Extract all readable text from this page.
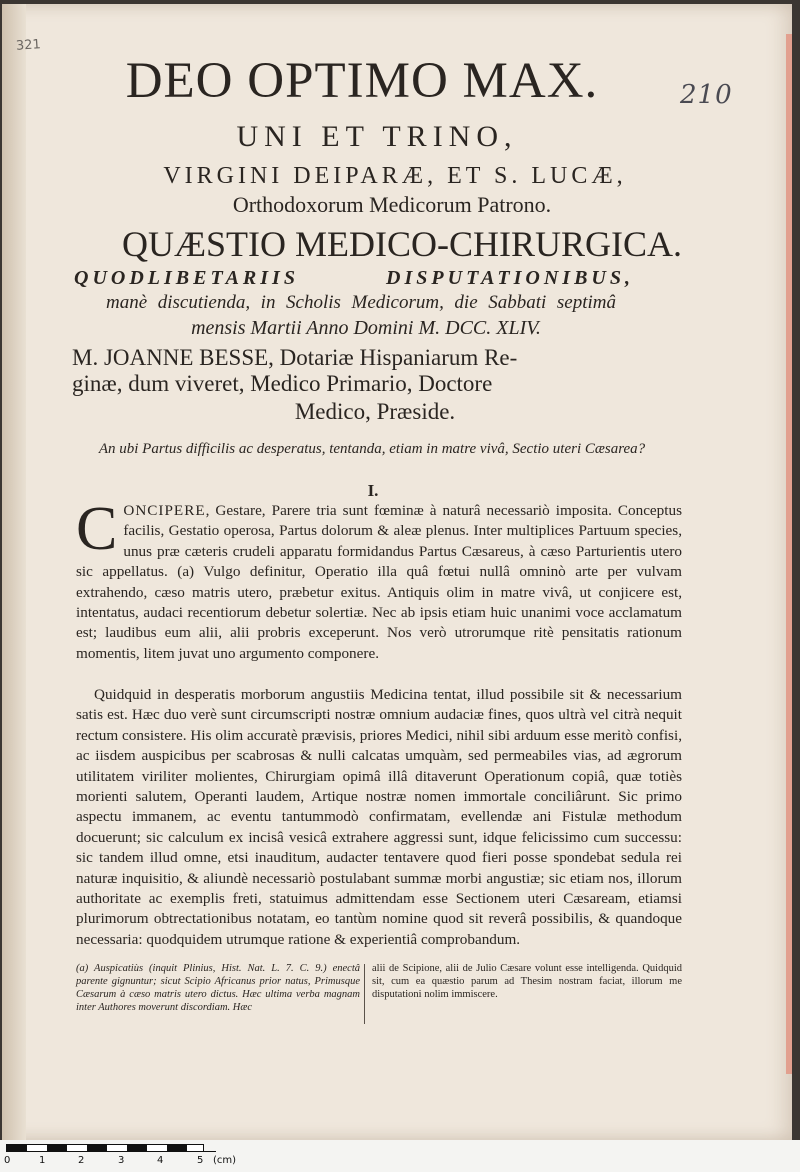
321
210
DEO OPTIMO MAX.
UNI ET TRINO,
VIRGINI DEIPARÆ, ET S. LUCÆ,
Orthodoxorum Medicorum Patrono.
QUÆSTIO MEDICO-CHIRURGICA.
QUODLIBETARIIS DISPUTATIONIBUS,
manè discutienda, in Scholis Medicorum, die Sabbati septimâ
mensis Martii Anno Domini M. DCC. XLIV.
M. JOANNE BESSE, Dotariæ Hispaniarum Re-
ginæ, dum viveret, Medico Primario, Doctore
Medico, Præside.
An ubi Partus difficilis ac desperatus, tentanda, etiam in matre vivâ, Sectio uteri Cæsarea?
I.
CONCIPERE, Gestare, Parere tria sunt fœminæ à naturâ necessariò imposita. Conceptus facilis, Gestatio operosa, Partus dolorum & aleæ plenus. Inter multiplices Partuum species, unus præ cæteris crudeli apparatu formidandus Partus Cæsareus, à cæso Parturientis utero sic appellatus. (a) Vulgo definitur, Operatio illa quâ fœtui nullâ omninò arte per vulvam extrahendo, cæso matris utero, præbetur exitus. Antiquis olim in matre vivâ, ut conjicere est, intentatus, audaci recentiorum debetur solertiæ. Nec ab ipsis etiam huic unanimi voce acclamatum est; laudibus eum alii, alii probris exceperunt. Nos verò utrorumque ritè pensitatis rationum momentis, litem juvat uno argumento componere.
Quidquid in desperatis morborum angustiis Medicina tentat, illud possibile sit & necessarium satis est. Hæc duo verè sunt circumscripti nostræ omnium audaciæ fines, quos ultrà vel citrà nequit rectum consistere. His olim accuratè prævisis, priores Medici, nihil sibi arduum esse meritò confisi, ac iisdem auspicibus per scabrosas & nulli calcatas umquàm, sed permeabiles vias, ad ægrorum utilitatem viriliter molientes, Chirurgiam opimâ illâ ditaverunt Operationum copiâ, quæ totiès morienti salutem, Operanti laudem, Artique nostræ nomen immortale conciliârunt. Sic primo aspectu immanem, ac eventu tantummodò confirmatam, evellendæ ani Fistulæ methodum docuerunt; sic calculum ex incisâ vesicâ extrahere aggressi sunt, idque felicissimo cum successu: sic tandem illud omne, etsi inauditum, audacter tentavere quod fieri posse spondebat sedula rei naturæ inquisitio, & aliundè necessariò postulabant summæ morbi angustiæ; sic etiam nos, illorum authoritate ac exemplis freti, statuimus admittendam esse Sectionem uteri Cæsaream, etiamsi plurimorum obtrectationibus notatam, eo tantùm nomine quod sit reverâ possibilis, & quandoque necessaria: quodquidem utrumque ratione & experientiâ comprobandum.
(a) Auspicatiùs (inquit Plinius, Hist. Nat. L. 7. C. 9.) enectâ parente gignuntur; sicut Scipio Africanus prior natus, Primusque Cæsarum à cæso matris utero dictus. Hæc ultima verba magnam inter Authores moverunt discordiam. Hæc
alii de Scipione, alii de Julio Cæsare volunt esse intelligenda. Quidquid sit, cum ea quæstio parum ad Thesim nostram faciat, illorum me disputationi nolim immiscere.
0	1	2	3	4	5 (cm)
